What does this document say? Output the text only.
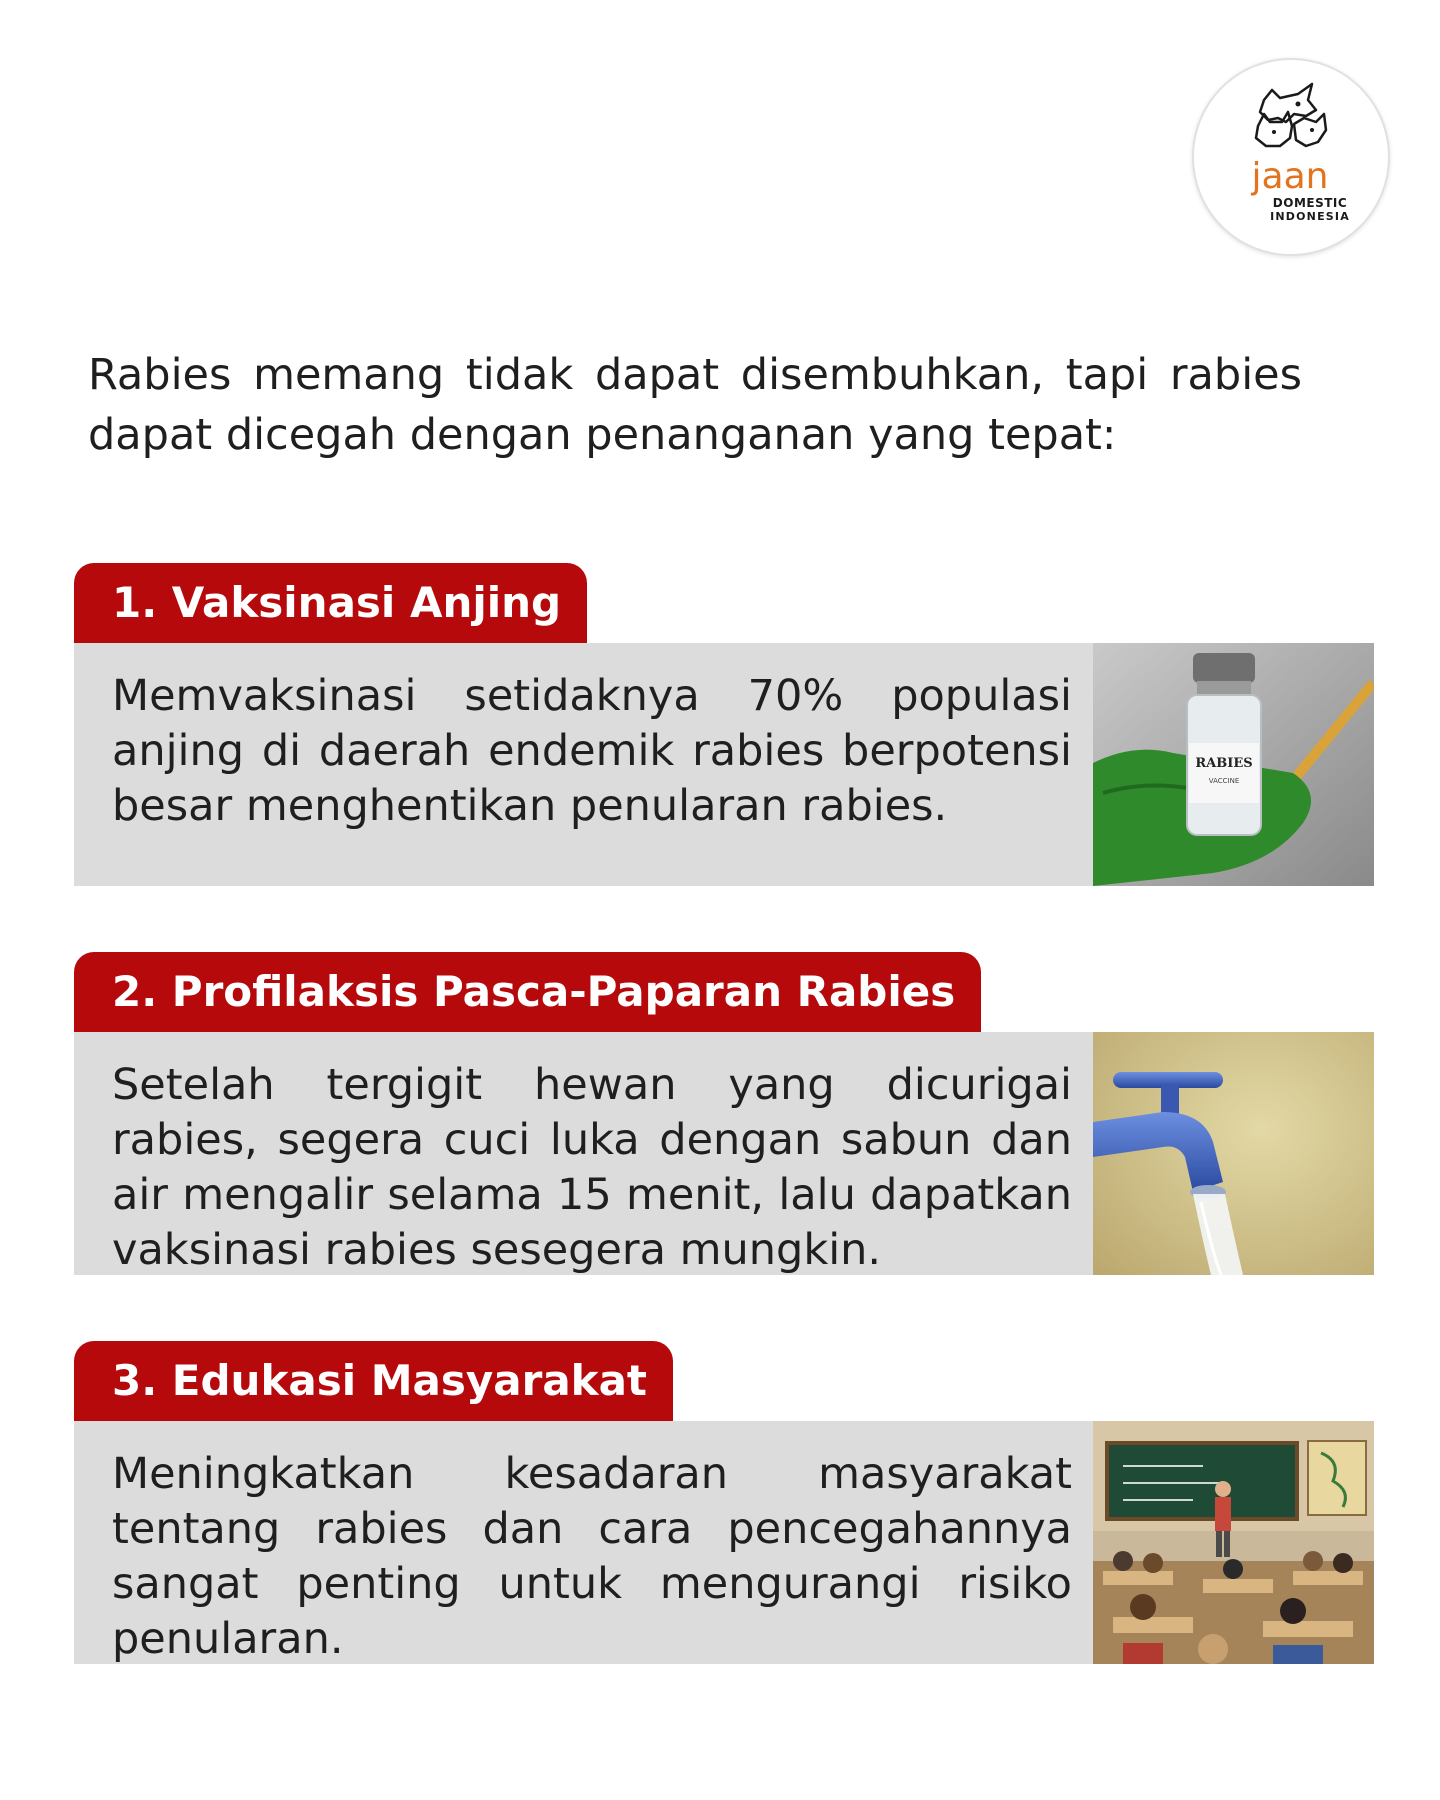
jaan
DOMESTIC
INDONESIA

Rabies memang tidak dapat disembuhkan, tapi rabies dapat dicegah dengan penanganan yang tepat:

1. Vaksinasi Anjing

Memvaksinasi setidaknya 70% populasi anjing di daerah endemik rabies berpotensi besar menghentikan penularan rabies.

RABIES
VACCINE
2. Profilaksis Pasca-Paparan Rabies

Setelah tergigit hewan yang dicurigai rabies, segera cuci luka dengan sabun dan air mengalir selama 15 menit, lalu dapatkan vaksinasi rabies sesegera mungkin.

3. Edukasi Masyarakat

Meningkatkan kesadaran masyarakat tentang rabies dan cara pencegahannya sangat penting untuk mengurangi risiko penularan.
